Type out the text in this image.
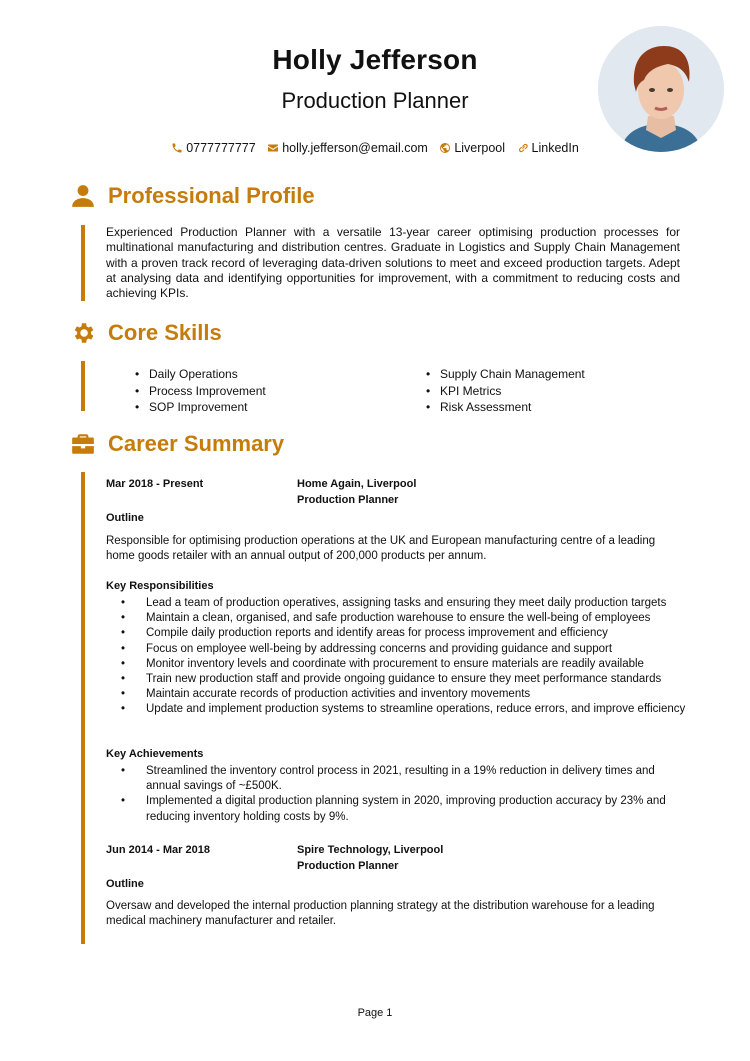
Holly Jefferson
Production Planner
0777777777
holly.jefferson@email.com
Liverpool
LinkedIn
Professional Profile
Experienced Production Planner with a versatile 13-year career optimising production processes for multinational manufacturing and distribution centres. Graduate in Logistics and Supply Chain Management with a proven track record of leveraging data-driven solutions to meet and exceed production targets. Adept at analysing data and identifying opportunities for improvement, with a commitment to reducing costs and achieving KPIs.
Core Skills
• Daily Operations
• Process Improvement
• SOP Improvement
• Supply Chain Management
• KPI Metrics
• Risk Assessment
Career Summary
Mar 2018 - Present	Home Again, Liverpool
Production Planner
Outline
Responsible for optimising production operations at the UK and European manufacturing centre of a leading home goods retailer with an annual output of 200,000 products per annum.
Key Responsibilities
• Lead a team of production operatives, assigning tasks and ensuring they meet daily production targets
• Maintain a clean, organised, and safe production warehouse to ensure the well-being of employees
• Compile daily production reports and identify areas for process improvement and efficiency
• Focus on employee well-being by addressing concerns and providing guidance and support
• Monitor inventory levels and coordinate with procurement to ensure materials are readily available
• Train new production staff and provide ongoing guidance to ensure they meet performance standards
• Maintain accurate records of production activities and inventory movements
• Update and implement production systems to streamline operations, reduce errors, and improve efficiency
Key Achievements
• Streamlined the inventory control process in 2021, resulting in a 19% reduction in delivery times and annual savings of ~£500K.
• Implemented a digital production planning system in 2020, improving production accuracy by 23% and reducing inventory holding costs by 9%.
Jun 2014 - Mar 2018	Spire Technology, Liverpool
Production Planner
Outline
Oversaw and developed the internal production planning strategy at the distribution warehouse for a leading medical machinery manufacturer and retailer.
Page 1
